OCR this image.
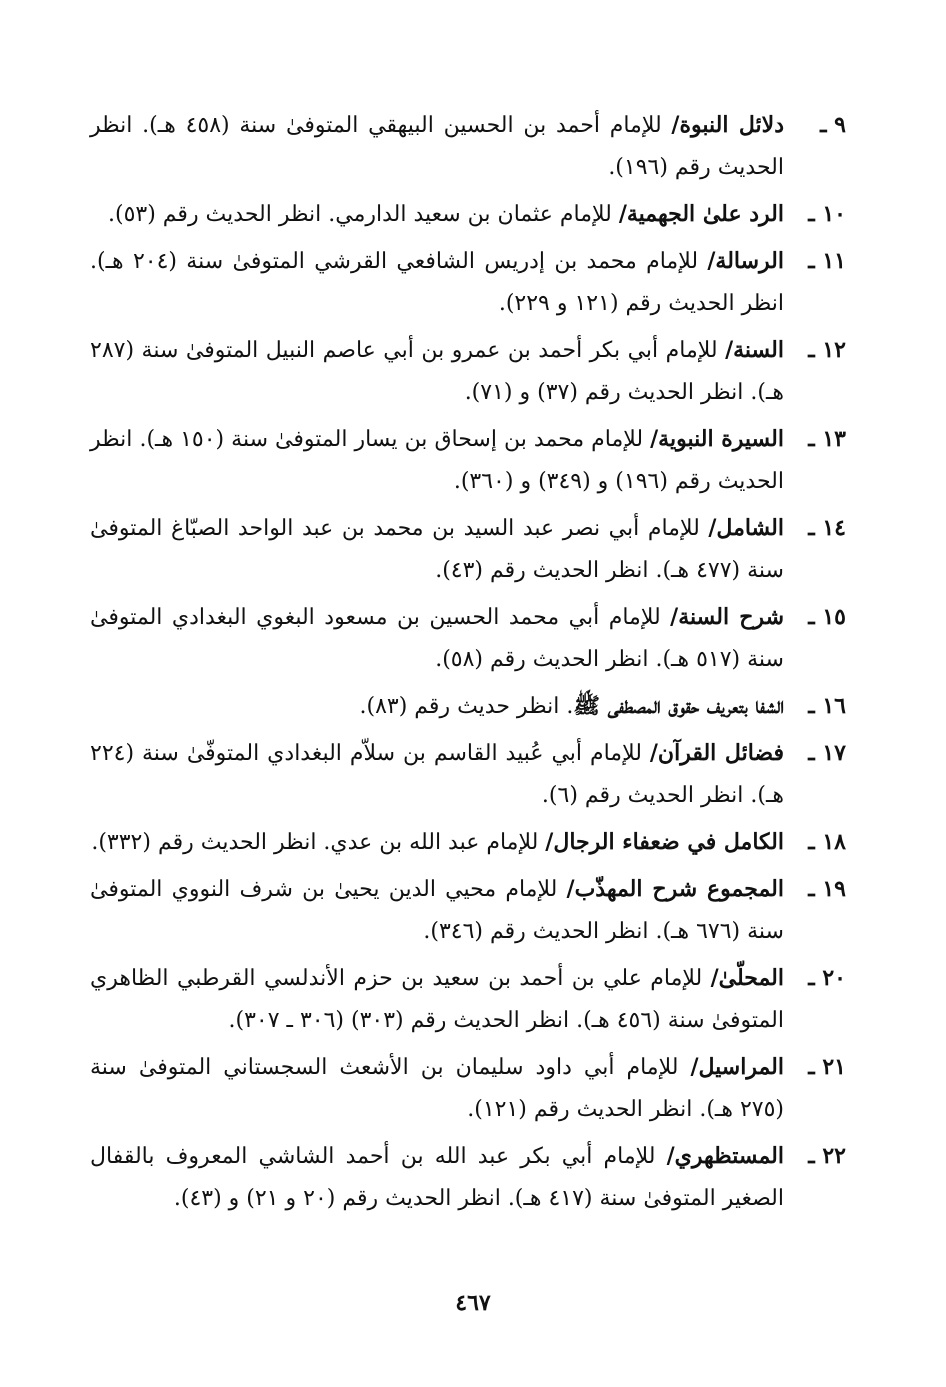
٩ ـ
دلائل النبوة/ للإمام أحمد بن الحسين البيهقي المتوفىٰ سنة (٤٥٨ هـ). انظر الحديث رقم (١٩٦).
١٠ ـ
الرد علىٰ الجهمية/ للإمام عثمان بن سعيد الدارمي. انظر الحديث رقم (٥٣).
١١ ـ
الرسالة/ للإمام محمد بن إدريس الشافعي القرشي المتوفىٰ سنة (٢٠٤ هـ). انظر الحديث رقم (١٢١ و ٢٢٩).
١٢ ـ
السنة/ للإمام أبي بكر أحمد بن عمرو بن أبي عاصم النبيل المتوفىٰ سنة (٢٨٧ هـ). انظر الحديث رقم (٣٧) و (٧١).
١٣ ـ
السيرة النبوية/ للإمام محمد بن إسحاق بن يسار المتوفىٰ سنة (١٥٠ هـ). انظر الحديث رقم (١٩٦) و (٣٤٩) و (٣٦٠).
١٤ ـ
الشامل/ للإمام أبي نصر عبد السيد بن محمد بن عبد الواحد الصبّاغ المتوفىٰ سنة (٤٧٧ هـ). انظر الحديث رقم (٤٣).
١٥ ـ
شرح السنة/ للإمام أبي محمد الحسين بن مسعود البغوي البغدادي المتوفىٰ سنة (٥١٧ هـ). انظر الحديث رقم (٥٨).
١٦ ـ
الشفا بتعريف حقوق المصطفى ﷺ. انظر حديث رقم (٨٣).
١٧ ـ
فضائل القرآن/ للإمام أبي عُبيد القاسم بن سلاّم البغدادي المتوفّىٰ سنة (٢٢٤ هـ). انظر الحديث رقم (٦).
١٨ ـ
الكامل في ضعفاء الرجال/ للإمام عبد الله بن عدي. انظر الحديث رقم (٣٣٢).
١٩ ـ
المجموع شرح المهذّب/ للإمام محيي الدين يحيىٰ بن شرف النووي المتوفىٰ سنة (٦٧٦ هـ). انظر الحديث رقم (٣٤٦).
٢٠ ـ
المحلّىٰ/ للإمام علي بن أحمد بن سعيد بن حزم الأندلسي القرطبي الظاهري المتوفىٰ سنة (٤٥٦ هـ). انظر الحديث رقم (٣٠٣) (٣٠٦ ـ ٣٠٧).
٢١ ـ
المراسيل/ للإمام أبي داود سليمان بن الأشعث السجستاني المتوفىٰ سنة (٢٧٥ هـ). انظر الحديث رقم (١٢١).
٢٢ ـ
المستظهري/ للإمام أبي بكر عبد الله بن أحمد الشاشي المعروف بالقفال الصغير المتوفىٰ سنة (٤١٧ هـ). انظر الحديث رقم (٢٠ و ٢١) و (٤٣).
٤٦٧
